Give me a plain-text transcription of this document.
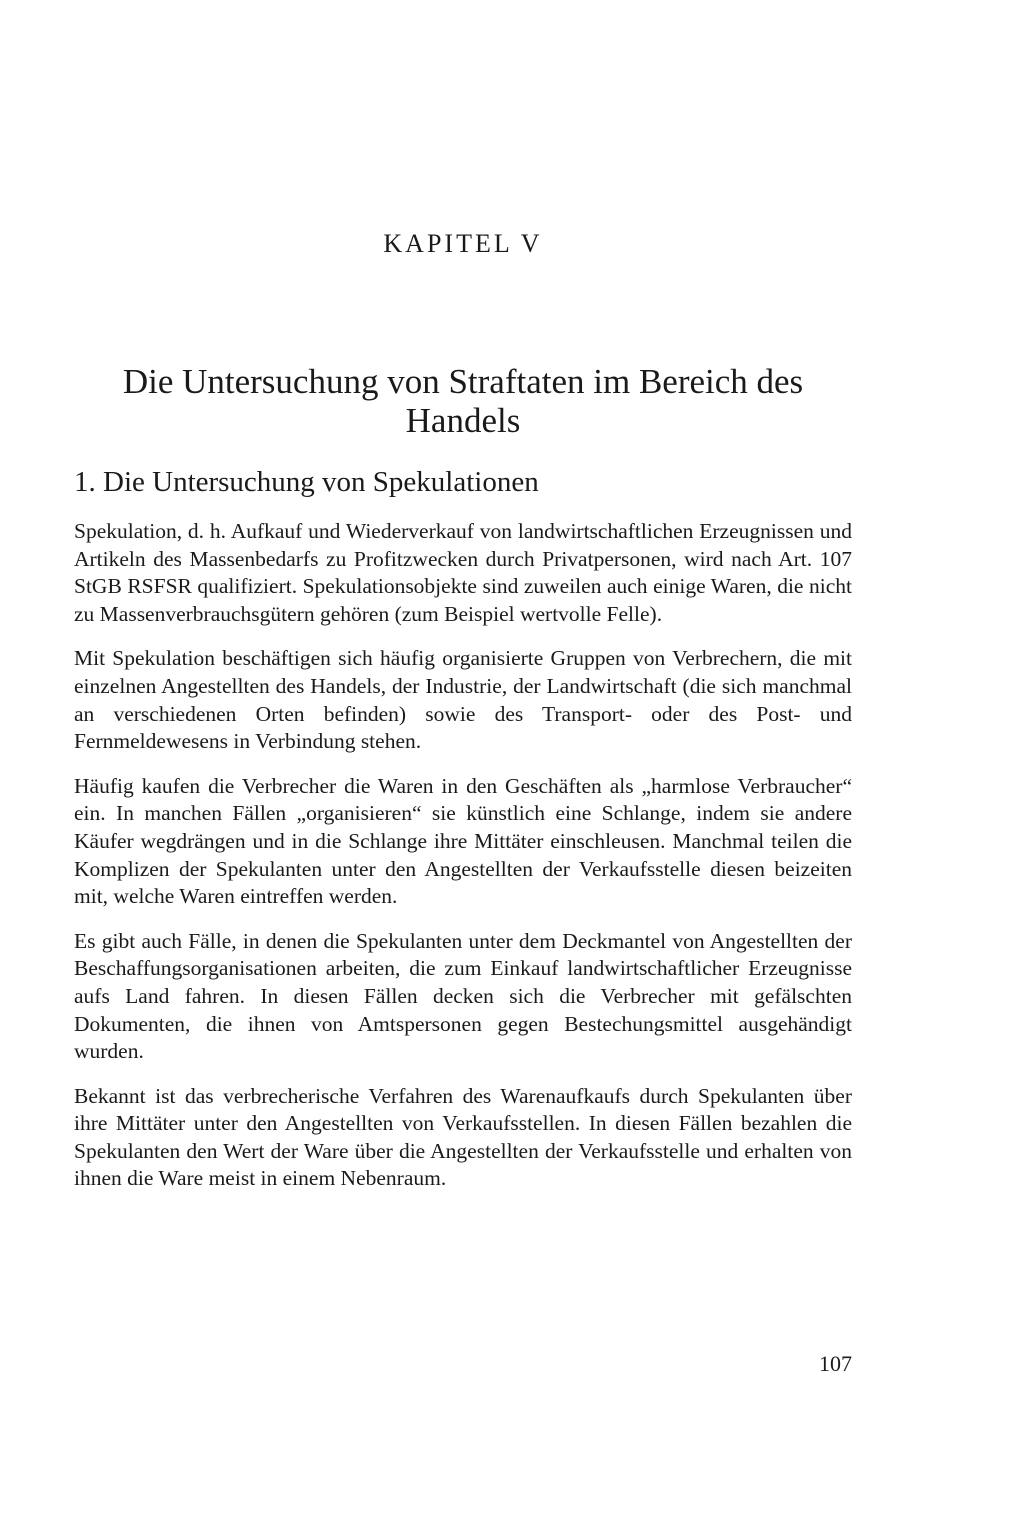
KAPITEL V
Die Untersuchung von Straftaten im Bereich des
Handels
1. Die Untersuchung von Spekulationen

Spekulation, d. h. Aufkauf und Wiederverkauf von landwirtschaftlichen Erzeugnissen und Artikeln des Massenbedarfs zu Profitzwecken durch Privatpersonen, wird nach Art. 107 StGB RSFSR qualifiziert. Spekulationsobjekte sind zuweilen auch einige Waren, die nicht zu Massenverbrauchsgütern gehören (zum Beispiel wertvolle Felle).

Mit Spekulation beschäftigen sich häufig organisierte Gruppen von Verbrechern, die mit einzelnen Angestellten des Handels, der Industrie, der Landwirtschaft (die sich manchmal an verschiedenen Orten befinden) sowie des Transport- oder des Post- und Fernmeldewesens in Verbindung stehen.

Häufig kaufen die Verbrecher die Waren in den Geschäften als „harmlose Verbraucher“ ein. In manchen Fällen „organisieren“ sie künstlich eine Schlange, indem sie andere Käufer wegdrängen und in die Schlange ihre Mittäter einschleusen. Manchmal teilen die Komplizen der Spekulanten unter den Angestellten der Verkaufsstelle diesen beizeiten mit, welche Waren eintreffen werden.

Es gibt auch Fälle, in denen die Spekulanten unter dem Deckmantel von Angestellten der Beschaffungsorganisationen arbeiten, die zum Einkauf landwirtschaftlicher Erzeugnisse aufs Land fahren. In diesen Fällen decken sich die Verbrecher mit gefälschten Dokumenten, die ihnen von Amtspersonen gegen Bestechungsmittel ausgehändigt wurden.

Bekannt ist das verbrecherische Verfahren des Warenaufkaufs durch Spekulanten über ihre Mittäter unter den Angestellten von Verkaufsstellen. In diesen Fällen bezahlen die Spekulanten den Wert der Ware über die Angestellten der Verkaufsstelle und erhalten von ihnen die Ware meist in einem Nebenraum.

107
